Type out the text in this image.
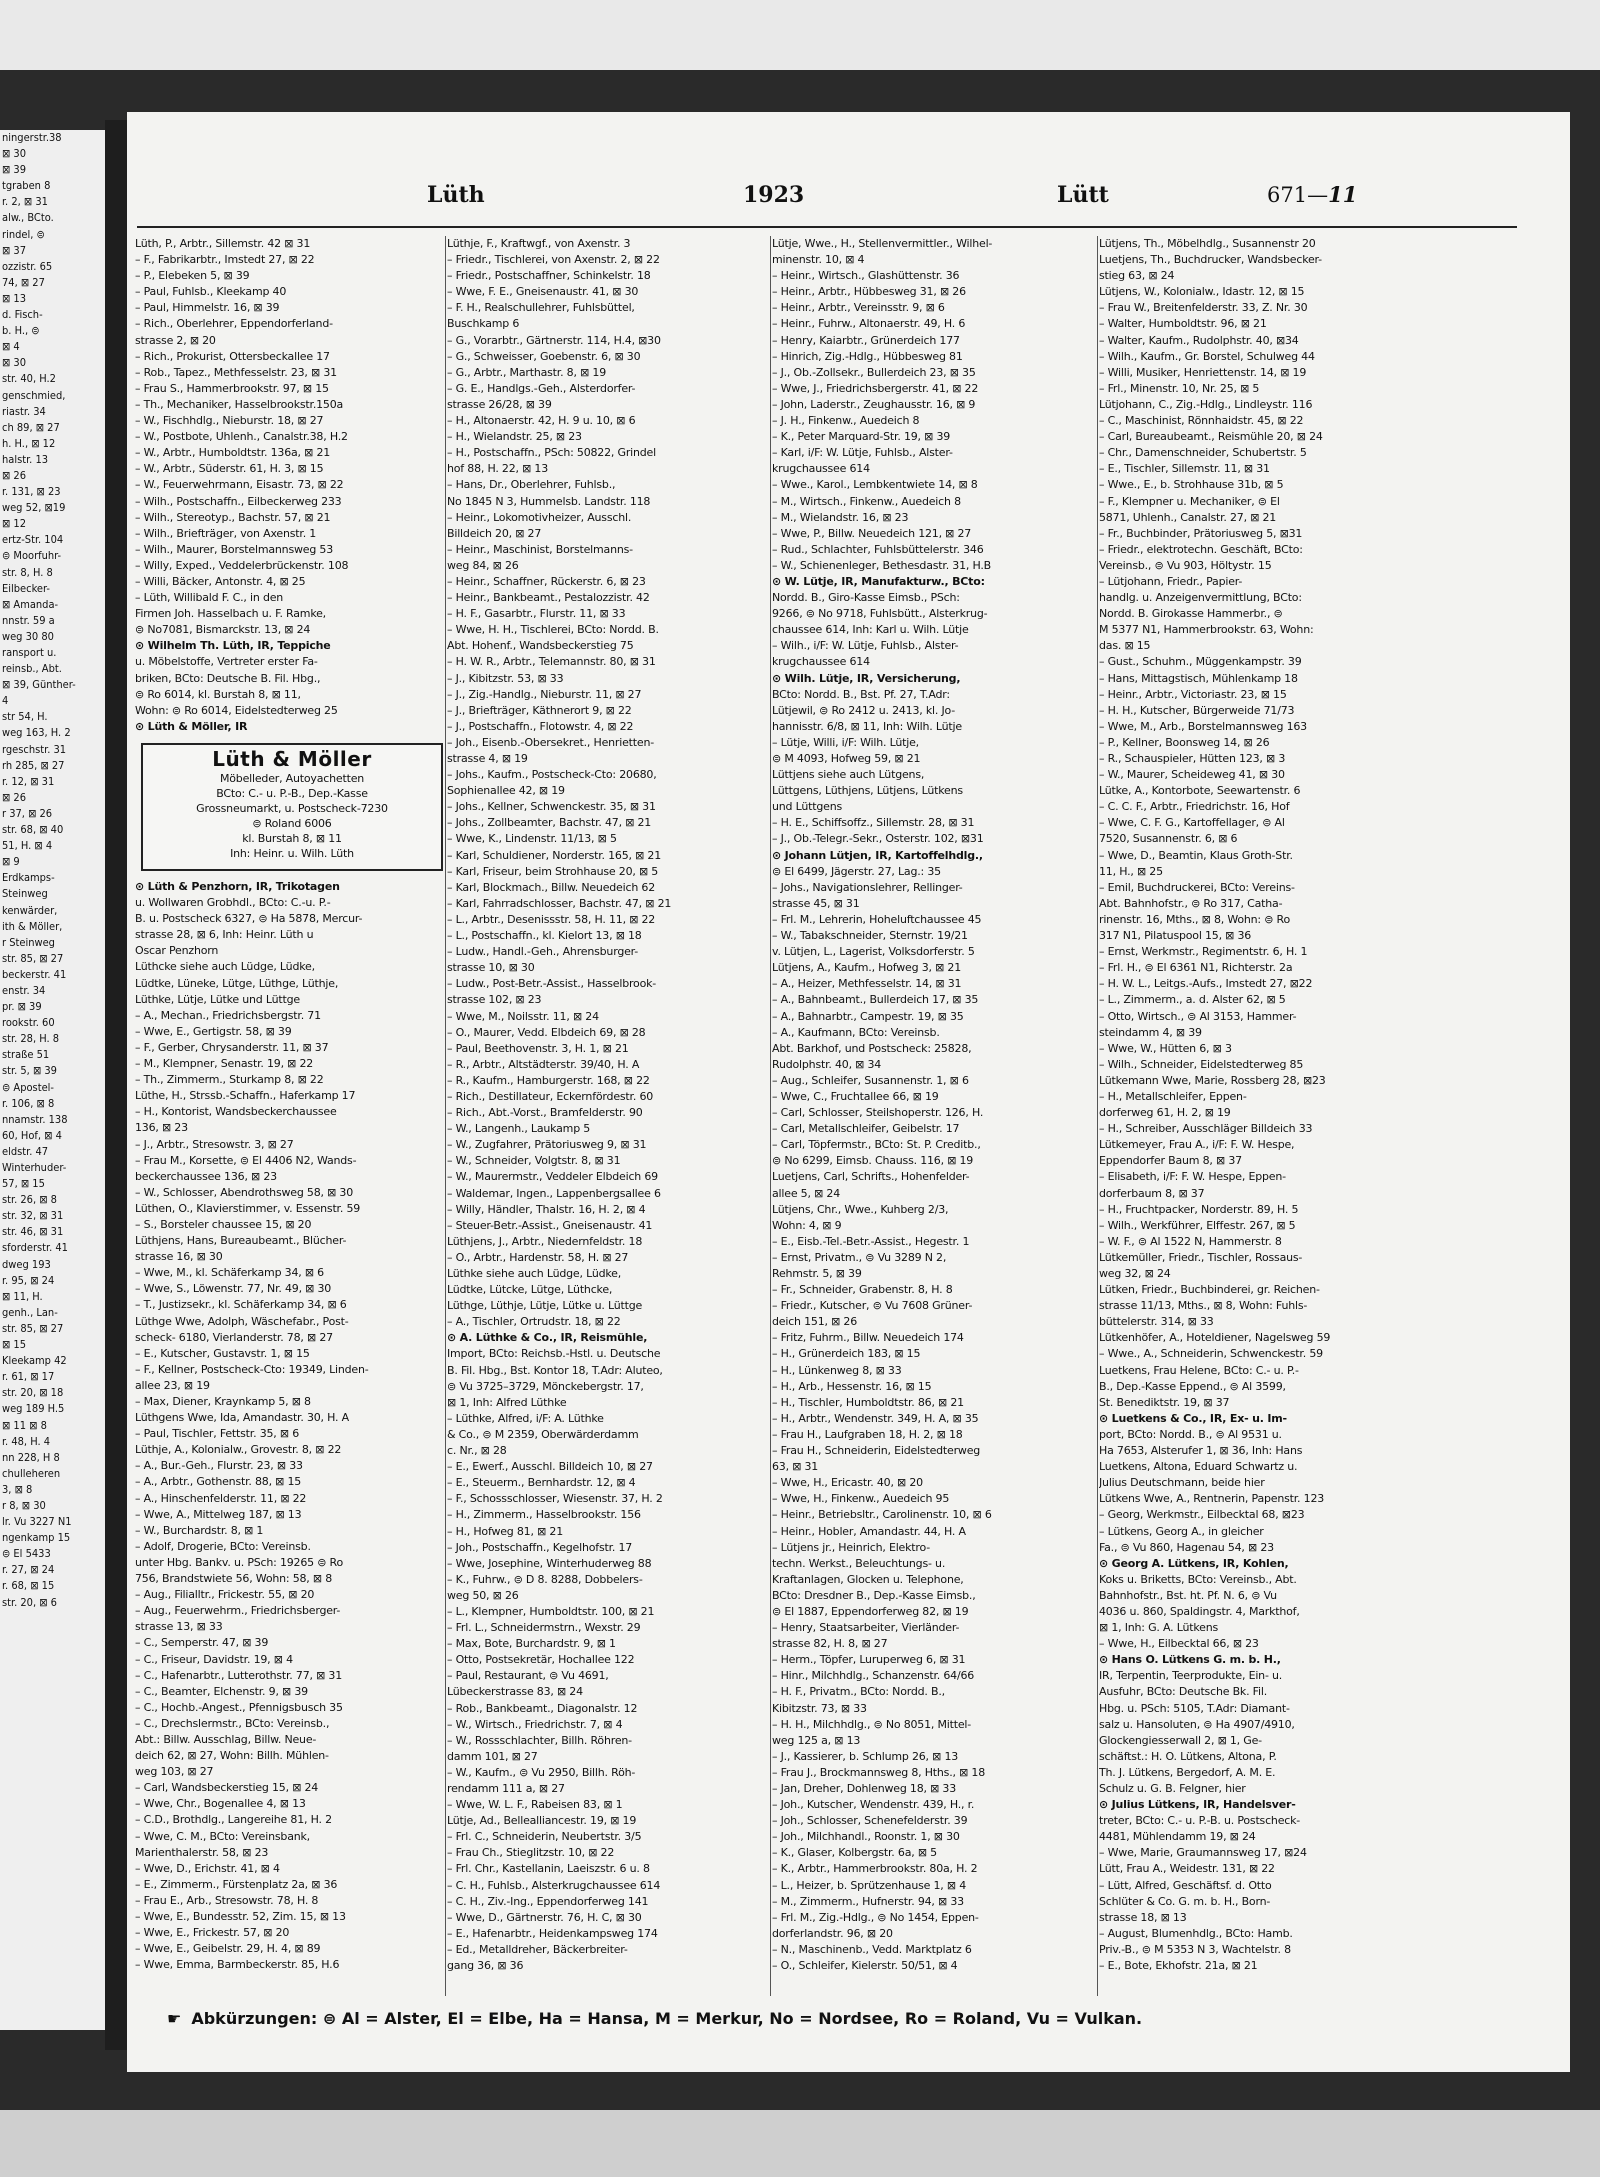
ningerstr.38
⊠ 30
⊠ 39
tgraben 8
r. 2, ⊠ 31
alw., BCto.
rindel, ⊜
⊠ 37
ozzistr. 65
74, ⊠ 27
⊠ 13
d. Fisch-
b. H., ⊜
⊠ 4
⊠ 30
str. 40, H.2
genschmied,
riastr. 34
ch 89, ⊠ 27
h. H., ⊠ 12
halstr. 13
⊠ 26
r. 131, ⊠ 23
weg 52, ⊠19
⊠ 12
ertz-Str. 104
⊜ Moorfuhr-
str. 8, H. 8
Eilbecker-
⊠ Amanda-
nnstr. 59 a
weg 30 80
ransport u.
reinsb., Abt.
⊠ 39, Günther-
4
str 54, H.
weg 163, H. 2
rgeschstr. 31
rh 285, ⊠ 27
r. 12, ⊠ 31
⊠ 26
r 37, ⊠ 26
str. 68, ⊠ 40
51, H. ⊠ 4
⊠ 9
Erdkamps-
Steinweg
kenwärder,
ith & Möller,
r Steinweg
str. 85, ⊠ 27
beckerstr. 41
enstr. 34
pr. ⊠ 39
rookstr. 60
str. 28, H. 8
straße 51
str. 5, ⊠ 39
⊜ Apostel-
r. 106, ⊠ 8
nnamstr. 138
60, Hof, ⊠ 4
eldstr. 47
Winterhuder-
57, ⊠ 15
str. 26, ⊠ 8
str. 32, ⊠ 31
str. 46, ⊠ 31
sforderstr. 41
dweg 193
r. 95, ⊠ 24
⊠ 11, H.
genh., Lan-
str. 85, ⊠ 27
⊠ 15
Kleekamp 42
r. 61, ⊠ 17
str. 20, ⊠ 18
weg 189 H.5
⊠ 11 ⊠ 8
r. 48, H. 4
nn 228, H 8
chulleheren
3, ⊠ 8
r 8, ⊠ 30
lr. Vu 3227 N1
ngenkamp 15
⊜ El 5433
r. 27, ⊠ 24
r. 68, ⊠ 15
str. 20, ⊠ 6
Lüth	1923	Lütt	671—11
Lüth, P., Arbtr., Sillemstr. 42 ⊠ 31
– F., Fabrikarbtr., Imstedt 27, ⊠ 22
– P., Elebeken 5, ⊠ 39
– Paul, Fuhlsb., Kleekamp 40
– Paul, Himmelstr. 16, ⊠ 39
– Rich., Oberlehrer, Eppendorferland-
strasse 2, ⊠ 20
– Rich., Prokurist, Ottersbeckallee 17
– Rob., Tapez., Methfesselstr. 23, ⊠ 31
– Frau S., Hammerbrookstr. 97, ⊠ 15
– Th., Mechaniker, Hasselbrookstr.150a
– W., Fischhdlg., Nieburstr. 18, ⊠ 27
– W., Postbote, Uhlenh., Canalstr.38, H.2
– W., Arbtr., Humboldtstr. 136a, ⊠ 21
– W., Arbtr., Süderstr. 61, H. 3, ⊠ 15
– W., Feuerwehrmann, Eisastr. 73, ⊠ 22
– Wilh., Postschaffn., Eilbeckerweg 233
– Wilh., Stereotyp., Bachstr. 57, ⊠ 21
– Wilh., Briefträger, von Axenstr. 1
– Wilh., Maurer, Borstelmannsweg 53
– Willy, Exped., Veddelerbrückenstr. 108
– Willi, Bäcker, Antonstr. 4, ⊠ 25
– Lüth, Willibald F. C., in den
Firmen Joh. Hasselbach u. F. Ramke,
⊜ No7081, Bismarckstr. 13, ⊠ 24
⊙ Wilhelm Th. Lüth, IR, Teppiche
u. Möbelstoffe, Vertreter erster Fa-
briken, BCto: Deutsche B. Fil. Hbg.,
⊜ Ro 6014, kl. Burstah 8, ⊠ 11,
Wohn: ⊜ Ro 6014, Eidelstedterweg 25
⊙ Lüth & Möller, IR
Lüth & Möller
Möbelleder, Autoyachetten
BCto: C.- u. P.-B., Dep.-Kasse
Grossneumarkt, u. Postscheck-7230
⊜ Roland 6006
kl. Burstah 8, ⊠ 11
Inh: Heinr. u. Wilh. Lüth
⊙ Lüth & Penzhorn, IR, Trikotagen
u. Wollwaren Grobhdl., BCto: C.-u. P.-
B. u. Postscheck 6327, ⊜ Ha 5878, Mercur-
strasse 28, ⊠ 6, Inh: Heinr. Lüth u
Oscar Penzhorn
Lüthcke siehe auch Lüdge, Lüdke,
Lüdtke, Lüneke, Lütge, Lüthge, Lüthje,
Lüthke, Lütje, Lütke und Lüttge
– A., Mechan., Friedrichsbergstr. 71
– Wwe, E., Gertigstr. 58, ⊠ 39
– F., Gerber, Chrysanderstr. 11, ⊠ 37
– M., Klempner, Senastr. 19, ⊠ 22
– Th., Zimmerm., Sturkamp 8, ⊠ 22
Lüthe, H., Strssb.-Schaffn., Haferkamp 17
– H., Kontorist, Wandsbeckerchaussee
136, ⊠ 23
– J., Arbtr., Stresowstr. 3, ⊠ 27
– Frau M., Korsette, ⊜ El 4406 N2, Wands-
beckerchaussee 136, ⊠ 23
– W., Schlosser, Abendrothsweg 58, ⊠ 30
Lüthen, O., Klavierstimmer, v. Essenstr. 59
– S., Borsteler chaussee 15, ⊠ 20
Lüthjens, Hans, Bureaubeamt., Blücher-
strasse 16, ⊠ 30
– Wwe, M., kl. Schäferkamp 34, ⊠ 6
– Wwe, S., Löwenstr. 77, Nr. 49, ⊠ 30
– T., Justizsekr., kl. Schäferkamp 34, ⊠ 6
Lüthge Wwe, Adolph, Wäschefabr., Post-
scheck- 6180, Vierlanderstr. 78, ⊠ 27
– E., Kutscher, Gustavstr. 1, ⊠ 15
– F., Kellner, Postscheck-Cto: 19349, Linden-
allee 23, ⊠ 19
– Max, Diener, Kraynkamp 5, ⊠ 8
Lüthgens Wwe, Ida, Amandastr. 30, H. A
– Paul, Tischler, Fettstr. 35, ⊠ 6
Lüthje, A., Kolonialw., Grovestr. 8, ⊠ 22
– A., Bur.-Geh., Flurstr. 23, ⊠ 33
– A., Arbtr., Gothenstr. 88, ⊠ 15
– A., Hinschenfelderstr. 11, ⊠ 22
– Wwe, A., Mittelweg 187, ⊠ 13
– W., Burchardstr. 8, ⊠ 1
– Adolf, Drogerie, BCto: Vereinsb.
unter Hbg. Bankv. u. PSch: 19265 ⊜ Ro
756, Brandstwiete 56, Wohn: 58, ⊠ 8
– Aug., Filialltr., Frickestr. 55, ⊠ 20
– Aug., Feuerwehrm., Friedrichsberger-
strasse 13, ⊠ 33
– C., Semperstr. 47, ⊠ 39
– C., Friseur, Davidstr. 19, ⊠ 4
– C., Hafenarbtr., Lutterothstr. 77, ⊠ 31
– C., Beamter, Elchenstr. 9, ⊠ 39
– C., Hochb.-Angest., Pfennigsbusch 35
– C., Drechslermstr., BCto: Vereinsb.,
Abt.: Billw. Ausschlag, Billw. Neue-
deich 62, ⊠ 27, Wohn: Billh. Mühlen-
weg 103, ⊠ 27
– Carl, Wandsbeckerstieg 15, ⊠ 24
– Wwe, Chr., Bogenallee 4, ⊠ 13
– C.D., Brothdlg., Langereihe 81, H. 2
– Wwe, C. M., BCto: Vereinsbank,
Marienthalerstr. 58, ⊠ 23
– Wwe, D., Erichstr. 41, ⊠ 4
– E., Zimmerm., Fürstenplatz 2a, ⊠ 36
– Frau E., Arb., Stresowstr. 78, H. 8
– Wwe, E., Bundesstr. 52, Zim. 15, ⊠ 13
– Wwe, E., Frickestr. 57, ⊠ 20
– Wwe, E., Geibelstr. 29, H. 4, ⊠ 89
– Wwe, Emma, Barmbeckerstr. 85, H.6
Lüthje, F., Kraftwgf., von Axenstr. 3
– Friedr., Tischlerei, von Axenstr. 2, ⊠ 22
– Friedr., Postschaffner, Schinkelstr. 18
– Wwe, F. E., Gneisenaustr. 41, ⊠ 30
– F. H., Realschullehrer, Fuhlsbüttel,
Buschkamp 6
– G., Vorarbtr., Gärtnerstr. 114, H.4, ⊠30
– G., Schweisser, Goebenstr. 6, ⊠ 30
– G., Arbtr., Marthastr. 8, ⊠ 19
– G. E., Handlgs.-Geh., Alsterdorfer-
strasse 26/28, ⊠ 39
– H., Altonaerstr. 42, H. 9 u. 10, ⊠ 6
– H., Wielandstr. 25, ⊠ 23
– H., Postschaffn., PSch: 50822, Grindel
hof 88, H. 22, ⊠ 13
– Hans, Dr., Oberlehrer, Fuhlsb.,
No 1845 N 3, Hummelsb. Landstr. 118
– Heinr., Lokomotivheizer, Ausschl.
Billdeich 20, ⊠ 27
– Heinr., Maschinist, Borstelmanns-
weg 84, ⊠ 26
– Heinr., Schaffner, Rückerstr. 6, ⊠ 23
– Heinr., Bankbeamt., Pestalozzistr. 42
– H. F., Gasarbtr., Flurstr. 11, ⊠ 33
– Wwe, H. H., Tischlerei, BCto: Nordd. B.
Abt. Hohenf., Wandsbeckerstieg 75
– H. W. R., Arbtr., Telemannstr. 80, ⊠ 31
– J., Kibitzstr. 53, ⊠ 33
– J., Zig.-Handlg., Nieburstr. 11, ⊠ 27
– J., Briefträger, Käthnerort 9, ⊠ 22
– J., Postschaffn., Flotowstr. 4, ⊠ 22
– Joh., Eisenb.-Obersekret., Henrietten-
strasse 4, ⊠ 19
– Johs., Kaufm., Postscheck-Cto: 20680,
Sophienallee 42, ⊠ 19
– Johs., Kellner, Schwenckestr. 35, ⊠ 31
– Johs., Zollbeamter, Bachstr. 47, ⊠ 21
– Wwe, K., Lindenstr. 11/13, ⊠ 5
– Karl, Schuldiener, Norderstr. 165, ⊠ 21
– Karl, Friseur, beim Strohhause 20, ⊠ 5
– Karl, Blockmach., Billw. Neuedeich 62
– Karl, Fahrradschlosser, Bachstr. 47, ⊠ 21
– L., Arbtr., Desenissstr. 58, H. 11, ⊠ 22
– L., Postschaffn., kl. Kielort 13, ⊠ 18
– Ludw., Handl.-Geh., Ahrensburger-
strasse 10, ⊠ 30
– Ludw., Post-Betr.-Assist., Hasselbrook-
strasse 102, ⊠ 23
– Wwe, M., Noilsstr. 11, ⊠ 24
– O., Maurer, Vedd. Elbdeich 69, ⊠ 28
– Paul, Beethovenstr. 3, H. 1, ⊠ 21
– R., Arbtr., Altstädterstr. 39/40, H. A
– R., Kaufm., Hamburgerstr. 168, ⊠ 22
– Rich., Destillateur, Eckernfördestr. 60
– Rich., Abt.-Vorst., Bramfelderstr. 90
– W., Langenh., Laukamp 5
– W., Zugfahrer, Prätoriusweg 9, ⊠ 31
– W., Schneider, Volgtstr. 8, ⊠ 31
– W., Maurermstr., Veddeler Elbdeich 69
– Waldemar, Ingen., Lappenbergsallee 6
– Willy, Händler, Thalstr. 16, H. 2, ⊠ 4
– Steuer-Betr.-Assist., Gneisenaustr. 41
Lüthjens, J., Arbtr., Niedernfeldstr. 18
– O., Arbtr., Hardenstr. 58, H. ⊠ 27
Lüthke siehe auch Lüdge, Lüdke,
Lüdtke, Lütcke, Lütge, Lüthcke,
Lüthge, Lüthje, Lütje, Lütke u. Lüttge
– A., Tischler, Ortrudstr. 18, ⊠ 22
⊙ A. Lüthke & Co., IR, Reismühle,
Import, BCto: Reichsb.-Hstl. u. Deutsche
B. Fil. Hbg., Bst. Kontor 18, T.Adr: Aluteo,
⊜ Vu 3725–3729, Mönckebergstr. 17,
⊠ 1, Inh: Alfred Lüthke
– Lüthke, Alfred, i/F: A. Lüthke
& Co., ⊜ M 2359, Oberwärderdamm
c. Nr., ⊠ 28
– E., Ewerf., Ausschl. Billdeich 10, ⊠ 27
– E., Steuerm., Bernhardstr. 12, ⊠ 4
– F., Schossschlosser, Wiesenstr. 37, H. 2
– H., Zimmerm., Hasselbrookstr. 156
– H., Hofweg 81, ⊠ 21
– Joh., Postschaffn., Kegelhofstr. 17
– Wwe, Josephine, Winterhuderweg 88
– K., Fuhrw., ⊜ D 8. 8288, Dobbelers-
weg 50, ⊠ 26
– L., Klempner, Humboldtstr. 100, ⊠ 21
– Frl. L., Schneidermstrn., Wexstr. 29
– Max, Bote, Burchardstr. 9, ⊠ 1
– Otto, Postsekretär, Hochallee 122
– Paul, Restaurant, ⊜ Vu 4691,
Lübeckerstrasse 83, ⊠ 24
– Rob., Bankbeamt., Diagonalstr. 12
– W., Wirtsch., Friedrichstr. 7, ⊠ 4
– W., Rossschlachter, Billh. Röhren-
damm 101, ⊠ 27
– W., Kaufm., ⊜ Vu 2950, Billh. Röh-
rendamm 111 a, ⊠ 27
– Wwe, W. L. F., Rabeisen 83, ⊠ 1
Lütje, Ad., Bellealliancestr. 19, ⊠ 19
– Frl. C., Schneiderin, Neubertstr. 3/5
– Frau Ch., Stieglitzstr. 10, ⊠ 22
– Frl. Chr., Kastellanin, Laeiszstr. 6 u. 8
– C. H., Fuhlsb., Alsterkrugchaussee 614
– C. H., Ziv.-Ing., Eppendorferweg 141
– Wwe, D., Gärtnerstr. 76, H. C, ⊠ 30
– E., Hafenarbtr., Heidenkampsweg 174
– Ed., Metalldreher, Bäckerbreiter-
gang 36, ⊠ 36
Lütje, Wwe., H., Stellenvermittler., Wilhel-
minenstr. 10, ⊠ 4
– Heinr., Wirtsch., Glashüttenstr. 36
– Heinr., Arbtr., Hübbesweg 31, ⊠ 26
– Heinr., Arbtr., Vereinsstr. 9, ⊠ 6
– Heinr., Fuhrw., Altonaerstr. 49, H. 6
– Henry, Kaiarbtr., Grünerdeich 177
– Hinrich, Zig.-Hdlg., Hübbesweg 81
– J., Ob.-Zollsekr., Bullerdeich 23, ⊠ 35
– Wwe, J., Friedrichsbergerstr. 41, ⊠ 22
– John, Laderstr., Zeughausstr. 16, ⊠ 9
– J. H., Finkenw., Auedeich 8
– K., Peter Marquard-Str. 19, ⊠ 39
– Karl, i/F: W. Lütje, Fuhlsb., Alster-
krugchaussee 614
– Wwe., Karol., Lembkentwiete 14, ⊠ 8
– M., Wirtsch., Finkenw., Auedeich 8
– M., Wielandstr. 16, ⊠ 23
– Wwe, P., Billw. Neuedeich 121, ⊠ 27
– Rud., Schlachter, Fuhlsbüttelerstr. 346
– W., Schienenleger, Bethesdastr. 31, H.B
⊙ W. Lütje, IR, Manufakturw., BCto:
Nordd. B., Giro-Kasse Eimsb., PSch:
9266, ⊜ No 9718, Fuhlsbütt., Alsterkrug-
chaussee 614, Inh: Karl u. Wilh. Lütje
– Wilh., i/F: W. Lütje, Fuhlsb., Alster-
krugchaussee 614
⊙ Wilh. Lütje, IR, Versicherung,
BCto: Nordd. B., Bst. Pf. 27, T.Adr:
Lütjewil, ⊜ Ro 2412 u. 2413, kl. Jo-
hannisstr. 6/8, ⊠ 11, Inh: Wilh. Lütje
– Lütje, Willi, i/F: Wilh. Lütje,
⊜ M 4093, Hofweg 59, ⊠ 21
Lüttjens siehe auch Lütgens,
Lüttgens, Lüthjens, Lütjens, Lütkens
und Lüttgens
– H. E., Schiffsoffz., Sillemstr. 28, ⊠ 31
– J., Ob.-Telegr.-Sekr., Osterstr. 102, ⊠31
⊙ Johann Lütjen, IR, Kartoffelhdlg.,
⊜ El 6499, Jägerstr. 27, Lag.: 35
– Johs., Navigationslehrer, Rellinger-
strasse 45, ⊠ 31
– Frl. M., Lehrerin, Hoheluftchaussee 45
– W., Tabakschneider, Sternstr. 19/21
v. Lütjen, L., Lagerist, Volksdorferstr. 5
Lütjens, A., Kaufm., Hofweg 3, ⊠ 21
– A., Heizer, Methfesselstr. 14, ⊠ 31
– A., Bahnbeamt., Bullerdeich 17, ⊠ 35
– A., Bahnarbtr., Campestr. 19, ⊠ 35
– A., Kaufmann, BCto: Vereinsb.
Abt. Barkhof, und Postscheck: 25828,
Rudolphstr. 40, ⊠ 34
– Aug., Schleifer, Susannenstr. 1, ⊠ 6
– Wwe, C., Fruchtallee 66, ⊠ 19
– Carl, Schlosser, Steilshoperstr. 126, H.
– Carl, Metallschleifer, Geibelstr. 17
– Carl, Töpfermstr., BCto: St. P. Creditb.,
⊜ No 6299, Eimsb. Chauss. 116, ⊠ 19
Luetjens, Carl, Schrifts., Hohenfelder-
allee 5, ⊠ 24
Lütjens, Chr., Wwe., Kuhberg 2/3,
Wohn: 4, ⊠ 9
– E., Eisb.-Tel.-Betr.-Assist., Hegestr. 1
– Ernst, Privatm., ⊜ Vu 3289 N 2,
Rehmstr. 5, ⊠ 39
– Fr., Schneider, Grabenstr. 8, H. 8
– Friedr., Kutscher, ⊜ Vu 7608 Grüner-
deich 151, ⊠ 26
– Fritz, Fuhrm., Billw. Neuedeich 174
– H., Grünerdeich 183, ⊠ 15
– H., Lünkenweg 8, ⊠ 33
– H., Arb., Hessenstr. 16, ⊠ 15
– H., Tischler, Humboldtstr. 86, ⊠ 21
– H., Arbtr., Wendenstr. 349, H. A, ⊠ 35
– Frau H., Laufgraben 18, H. 2, ⊠ 18
– Frau H., Schneiderin, Eidelstedterweg
63, ⊠ 31
– Wwe, H., Ericastr. 40, ⊠ 20
– Wwe, H., Finkenw., Auedeich 95
– Heinr., Betriebsltr., Carolinenstr. 10, ⊠ 6
– Heinr., Hobler, Amandastr. 44, H. A
– Lütjens jr., Heinrich, Elektro-
techn. Werkst., Beleuchtungs- u.
Kraftanlagen, Glocken u. Telephone,
BCto: Dresdner B., Dep.-Kasse Eimsb.,
⊜ El 1887, Eppendorferweg 82, ⊠ 19
– Henry, Staatsarbeiter, Vierländer-
strasse 82, H. 8, ⊠ 27
– Herm., Töpfer, Luruperweg 6, ⊠ 31
– Hinr., Milchhdlg., Schanzenstr. 64/66
– H. F., Privatm., BCto: Nordd. B.,
Kibitzstr. 73, ⊠ 33
– H. H., Milchhdlg., ⊜ No 8051, Mittel-
weg 125 a, ⊠ 13
– J., Kassierer, b. Schlump 26, ⊠ 13
– Frau J., Brockmannsweg 8, Hths., ⊠ 18
– Jan, Dreher, Dohlenweg 18, ⊠ 33
– Joh., Kutscher, Wendenstr. 439, H., r.
– Joh., Schlosser, Schenefelderstr. 39
– Joh., Milchhandl., Roonstr. 1, ⊠ 30
– K., Glaser, Kolbergstr. 6a, ⊠ 5
– K., Arbtr., Hammerbrookstr. 80a, H. 2
– L., Heizer, b. Sprützenhause 1, ⊠ 4
– M., Zimmerm., Hufnerstr. 94, ⊠ 33
– Frl. M., Zig.-Hdlg., ⊜ No 1454, Eppen-
dorferlandstr. 96, ⊠ 20
– N., Maschinenb., Vedd. Marktplatz 6
– O., Schleifer, Kielerstr. 50/51, ⊠ 4
Lütjens, Th., Möbelhdlg., Susannenstr 20
Luetjens, Th., Buchdrucker, Wandsbecker-
stieg 63, ⊠ 24
Lütjens, W., Kolonialw., Idastr. 12, ⊠ 15
– Frau W., Breitenfelderstr. 33, Z. Nr. 30
– Walter, Humboldtstr. 96, ⊠ 21
– Walter, Kaufm., Rudolphstr. 40, ⊠34
– Wilh., Kaufm., Gr. Borstel, Schulweg 44
– Willi, Musiker, Henriettenstr. 14, ⊠ 19
– Frl., Minenstr. 10, Nr. 25, ⊠ 5
Lütjohann, C., Zig.-Hdlg., Lindleystr. 116
– C., Maschinist, Rönnhaidstr. 45, ⊠ 22
– Carl, Bureaubeamt., Reismühle 20, ⊠ 24
– Chr., Damenschneider, Schubertstr. 5
– E., Tischler, Sillemstr. 11, ⊠ 31
– Wwe., E., b. Strohhause 31b, ⊠ 5
– F., Klempner u. Mechaniker, ⊜ El
5871, Uhlenh., Canalstr. 27, ⊠ 21
– Fr., Buchbinder, Prätoriusweg 5, ⊠31
– Friedr., elektrotechn. Geschäft, BCto:
Vereinsb., ⊜ Vu 903, Höltystr. 15
– Lütjohann, Friedr., Papier-
handlg. u. Anzeigenvermittlung, BCto:
Nordd. B. Girokasse Hammerbr., ⊜
M 5377 N1, Hammerbrookstr. 63, Wohn:
das. ⊠ 15
– Gust., Schuhm., Müggenkampstr. 39
– Hans, Mittagstisch, Mühlenkamp 18
– Heinr., Arbtr., Victoriastr. 23, ⊠ 15
– H. H., Kutscher, Bürgerweide 71/73
– Wwe, M., Arb., Borstelmannsweg 163
– P., Kellner, Boonsweg 14, ⊠ 26
– R., Schauspieler, Hütten 123, ⊠ 3
– W., Maurer, Scheideweg 41, ⊠ 30
Lütke, A., Kontorbote, Seewartenstr. 6
– C. C. F., Arbtr., Friedrichstr. 16, Hof
– Wwe, C. F. G., Kartoffellager, ⊜ Al
7520, Susannenstr. 6, ⊠ 6
– Wwe, D., Beamtin, Klaus Groth-Str.
11, H., ⊠ 25
– Emil, Buchdruckerei, BCto: Vereins-
Abt. Bahnhofstr., ⊜ Ro 317, Catha-
rinenstr. 16, Mths., ⊠ 8, Wohn: ⊜ Ro
317 N1, Pilatuspool 15, ⊠ 36
– Ernst, Werkmstr., Regimentstr. 6, H. 1
– Frl. H., ⊜ El 6361 N1, Richterstr. 2a
– H. W. L., Leitgs.-Aufs., Imstedt 27, ⊠22
– L., Zimmerm., a. d. Alster 62, ⊠ 5
– Otto, Wirtsch., ⊜ Al 3153, Hammer-
steindamm 4, ⊠ 39
– Wwe, W., Hütten 6, ⊠ 3
– Wilh., Schneider, Eidelstedterweg 85
Lütkemann Wwe, Marie, Rossberg 28, ⊠23
– H., Metallschleifer, Eppen-
dorferweg 61, H. 2, ⊠ 19
– H., Schreiber, Ausschläger Billdeich 33
Lütkemeyer, Frau A., i/F: F. W. Hespe,
Eppendorfer Baum 8, ⊠ 37
– Elisabeth, i/F: F. W. Hespe, Eppen-
dorferbaum 8, ⊠ 37
– H., Fruchtpacker, Norderstr. 89, H. 5
– Wilh., Werkführer, Elffestr. 267, ⊠ 5
– W. F., ⊜ Al 1522 N, Hammerstr. 8
Lütkemüller, Friedr., Tischler, Rossaus-
weg 32, ⊠ 24
Lütken, Friedr., Buchbinderei, gr. Reichen-
strasse 11/13, Mths., ⊠ 8, Wohn: Fuhls-
büttelerstr. 314, ⊠ 33
Lütkenhöfer, A., Hoteldiener, Nagelsweg 59
– Wwe., A., Schneiderin, Schwenckestr. 59
Luetkens, Frau Helene, BCto: C.- u. P.-
B., Dep.-Kasse Eppend., ⊜ Al 3599,
St. Benediktstr. 19, ⊠ 37
⊙ Luetkens & Co., IR, Ex- u. Im-
port, BCto: Nordd. B., ⊜ Al 9531 u.
Ha 7653, Alsterufer 1, ⊠ 36, Inh: Hans
Luetkens, Altona, Eduard Schwartz u.
Julius Deutschmann, beide hier
Lütkens Wwe, A., Rentnerin, Papenstr. 123
– Georg, Werkmstr., Eilbecktal 68, ⊠23
– Lütkens, Georg A., in gleicher
Fa., ⊜ Vu 860, Hagenau 54, ⊠ 23
⊙ Georg A. Lütkens, IR, Kohlen,
Koks u. Briketts, BCto: Vereinsb., Abt.
Bahnhofstr., Bst. ht. Pf. N. 6, ⊜ Vu
4036 u. 860, Spaldingstr. 4, Markthof,
⊠ 1, Inh: G. A. Lütkens
– Wwe, H., Eilbecktal 66, ⊠ 23
⊙ Hans O. Lütkens G. m. b. H.,
IR, Terpentin, Teerprodukte, Ein- u.
Ausfuhr, BCto: Deutsche Bk. Fil.
Hbg. u. PSch: 5105, T.Adr: Diamant-
salz u. Hansoluten, ⊜ Ha 4907/4910,
Glockengiesserwall 2, ⊠ 1, Ge-
schäftst.: H. O. Lütkens, Altona, P.
Th. J. Lütkens, Bergedorf, A. M. E.
Schulz u. G. B. Felgner, hier
⊙ Julius Lütkens, IR, Handelsver-
treter, BCto: C.- u. P.-B. u. Postscheck-
4481, Mühlendamm 19, ⊠ 24
– Wwe, Marie, Graumannsweg 17, ⊠24
Lütt, Frau A., Weidestr. 131, ⊠ 22
– Lütt, Alfred, Geschäftsf. d. Otto
Schlüter & Co. G. m. b. H., Born-
strasse 18, ⊠ 13
– August, Blumenhdlg., BCto: Hamb.
Priv.-B., ⊜ M 5353 N 3, Wachtelstr. 8
– E., Bote, Ekhofstr. 21a, ⊠ 21
☛ Abkürzungen: ⊜ Al = Alster, El = Elbe, Ha = Hansa, M = Merkur, No = Nordsee, Ro = Roland, Vu = Vulkan.
